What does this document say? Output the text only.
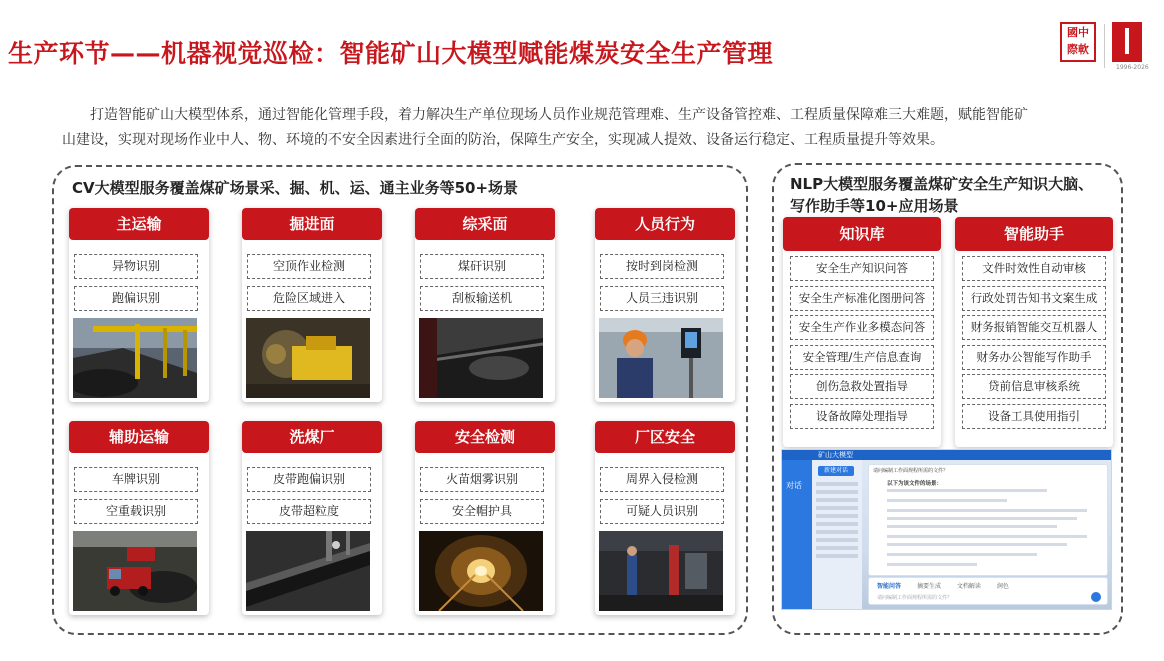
生产环节——机器视觉巡检：智能矿山大模型赋能煤炭安全生产管理
國中
際軟
1996-2026
打造智能矿山大模型体系，通过智能化管理手段，着力解决生产单位现场人员作业规范管理难、生产设备管控难、工程质量保障难三大难题，赋能智能矿
山建设，实现对现场作业中人、物、环境的不安全因素进行全面的防治，保障生产安全，实现减人提效、设备运行稳定、工程质量提升等效果。
CV大模型服务覆盖煤矿场景采、掘、机、运、通主业务等50+场景
主运输
异物识别
跑偏识别
掘进面
空顶作业检测
危险区域进入
综采面
煤矸识别
刮板输送机
人员行为
按时到岗检测
人员三违识别
辅助运输
车牌识别
空重载识别
洗煤厂
皮带跑偏识别
皮带超粒度
安全检测
火苗烟雾识别
安全帽护具
厂区安全
周界入侵检测
可疑人员识别
NLP大模型服务覆盖煤矿安全生产知识大脑、
写作助手等10+应用场景
知识库
安全生产知识问答
安全生产标准化图册问答
安全生产作业多模态问答
安全管理/生产信息查询
创伤急救处置指导
设备故障处理指导
智能助手
文件时效性自动审核
行政处罚告知书文案生成
财务报销智能交互机器人
财务办公智能写作助手
贷前信息审核系统
设备工具使用指引
矿山大模型
对话
新建对话	请问编制工作面规程所需的文件？
以下为该文件的场景：
智能问答	摘要生成	文档解读	润色
请问编制工作面规程所需的文件？
